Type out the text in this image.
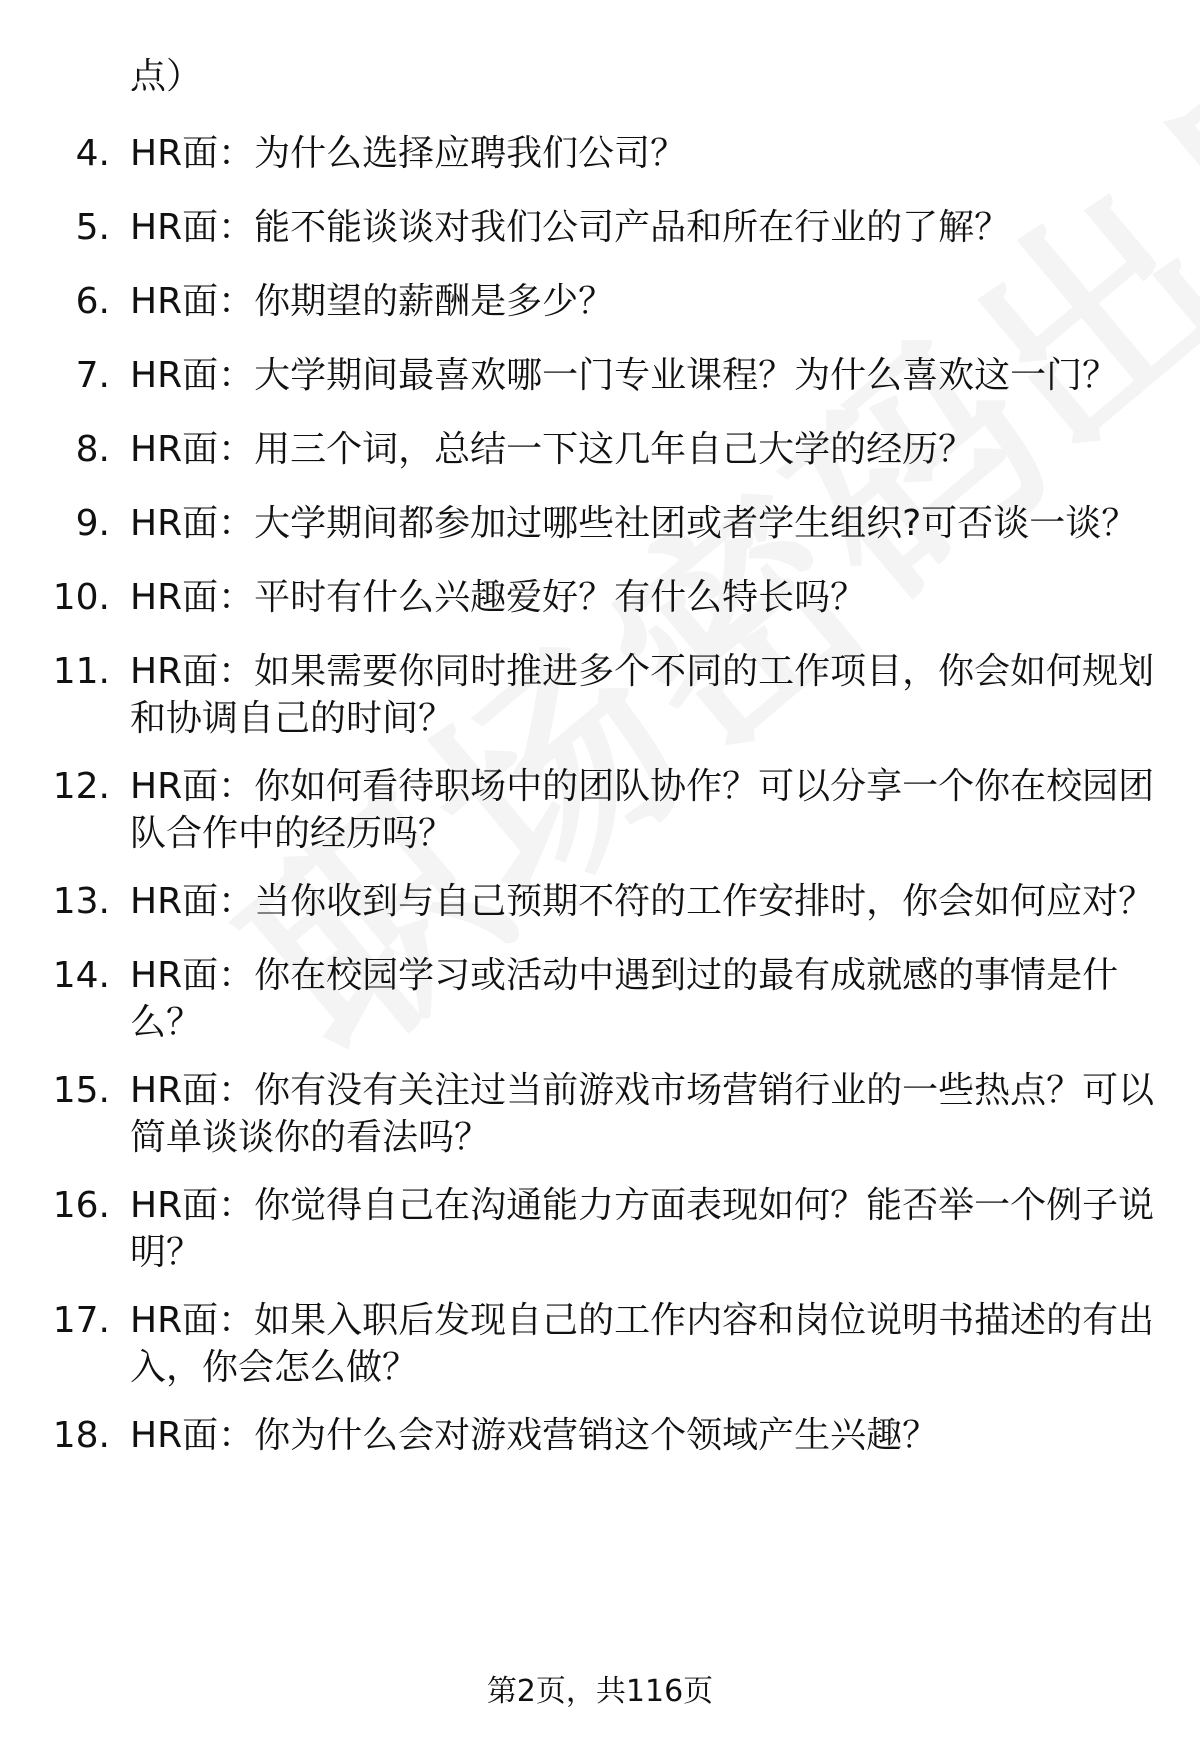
点）
4. HR面：为什么选择应聘我们公司？
5. HR面：能不能谈谈对我们公司产品和所在行业的了解？
6. HR面：你期望的薪酬是多少？
7. HR面：大学期间最喜欢哪一门专业课程？为什么喜欢这一门？
8. HR面：用三个词，总结一下这几年自己大学的经历？
9. HR面：大学期间都参加过哪些社团或者学生组织?可否谈一谈？
10. HR面：平时有什么兴趣爱好？有什么特长吗？
11. HR面：如果需要你同时推进多个不同的工作项目，你会如何规划
和协调自己的时间？
12. HR面：你如何看待职场中的团队协作？可以分享一个你在校园团
队合作中的经历吗？
13. HR面：当你收到与自己预期不符的工作安排时，你会如何应对？
14. HR面：你在校园学习或活动中遇到过的最有成就感的事情是什
么？
15. HR面：你有没有关注过当前游戏市场营销行业的一些热点？可以
简单谈谈你的看法吗？
16. HR面：你觉得自己在沟通能力方面表现如何？能否举一个例子说
明？
17. HR面：如果入职后发现自己的工作内容和岗位说明书描述的有出
入，你会怎么做？
18. HR面：你为什么会对游戏营销这个领域产生兴趣？
第2页，共116页
